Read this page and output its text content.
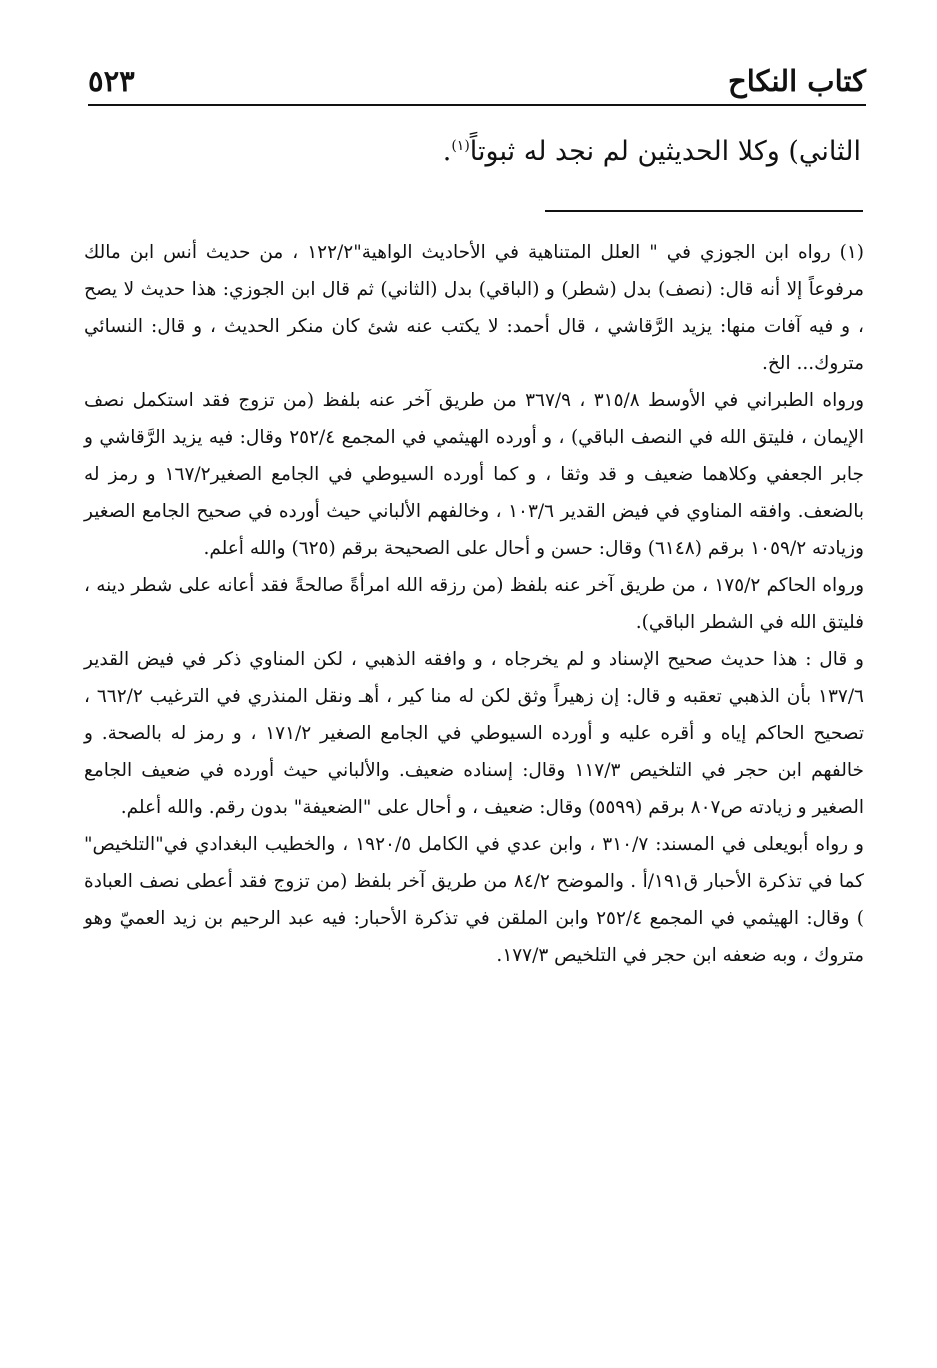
كتاب النكاح
٥٢٣
الثاني) وكلا الحديثين لم نجد له ثبوتاً$^{(١)}$.

(١) رواه ابن الجوزي في " العلل المتناهية في الأحاديث الواهية"١٢٢/٢ ، من حديث أنس ابن مالك مرفوعاً إلا أنه قال: (نصف) بدل (شطر) و (الباقي) بدل (الثاني) ثم قال ابن الجوزي: هذا حديث لا يصح ، و فيه آفات منها: يزيد الرَّقاشي ، قال أحمد: لا يكتب عنه شئ كان منكر الحديث ، و قال: النسائي متروك... الخ.

ورواه الطبراني في الأوسط ٣١٥/٨ ، ٣٦٧/٩ من طريق آخر عنه بلفظ (من تزوج فقد استكمل نصف الإيمان ، فليتق الله في النصف الباقي) ، و أورده الهيثمي في المجمع ٢٥٢/٤ وقال: فيه يزيد الرَّقاشي و جابر الجعفي وكلاهما ضعيف و قد وثقا ، و كما أورده السيوطي في الجامع الصغير١٦٧/٢ و رمز له بالضعف. وافقه المناوي في فيض القدير ١٠٣/٦ ، وخالفهم الألباني حيث أورده في صحيح الجامع الصغير وزيادته ١٠٥٩/٢ برقم (٦١٤٨) وقال: حسن و أحال على الصحيحة برقم (٦٢٥) والله أعلم.

ورواه الحاكم ١٧٥/٢ ، من طريق آخر عنه بلفظ (من رزقه الله امرأةً صالحةً فقد أعانه على شطر دينه ، فليتق الله في الشطر الباقي).

و قال : هذا حديث صحيح الإسناد و لم يخرجاه ، و وافقه الذهبي ، لكن المناوي ذكر في فيض القدير ١٣٧/٦ بأن الذهبي تعقبه و قال: إن زهيراً وثق لكن له منا كير ، أهـ ونقل المنذري في الترغيب ٦٦٢/٢ ، تصحيح الحاكم إياه و أقره عليه و أورده السيوطي في الجامع الصغير ١٧١/٢ ، و رمز له بالصحة. و خالفهم ابن حجر في التلخيص ١١٧/٣ وقال: إسناده ضعيف. والألباني حيث أورده في ضعيف الجامع الصغير و زيادته ص٨٠٧ برقم (٥٥٩٩) وقال: ضعيف ، و أحال على "الضعيفة" بدون رقم. والله أعلم.

و رواه أبويعلى في المسند: ٣١٠/٧ ، وابن عدي في الكامل ١٩٢٠/٥ ، والخطيب البغدادي في"التلخيص" كما في تذكرة الأحبار ق١٩١/أ . والموضح ٨٤/٢ من طريق آخر بلفظ (من تزوج فقد أعطى نصف العبادة ) وقال: الهيثمي في المجمع ٢٥٢/٤ وابن الملقن في تذكرة الأحبار: فيه عبد الرحيم بن زيد العميّ وهو متروك ، وبه ضعفه ابن حجر في التلخيص ١٧٧/٣.
